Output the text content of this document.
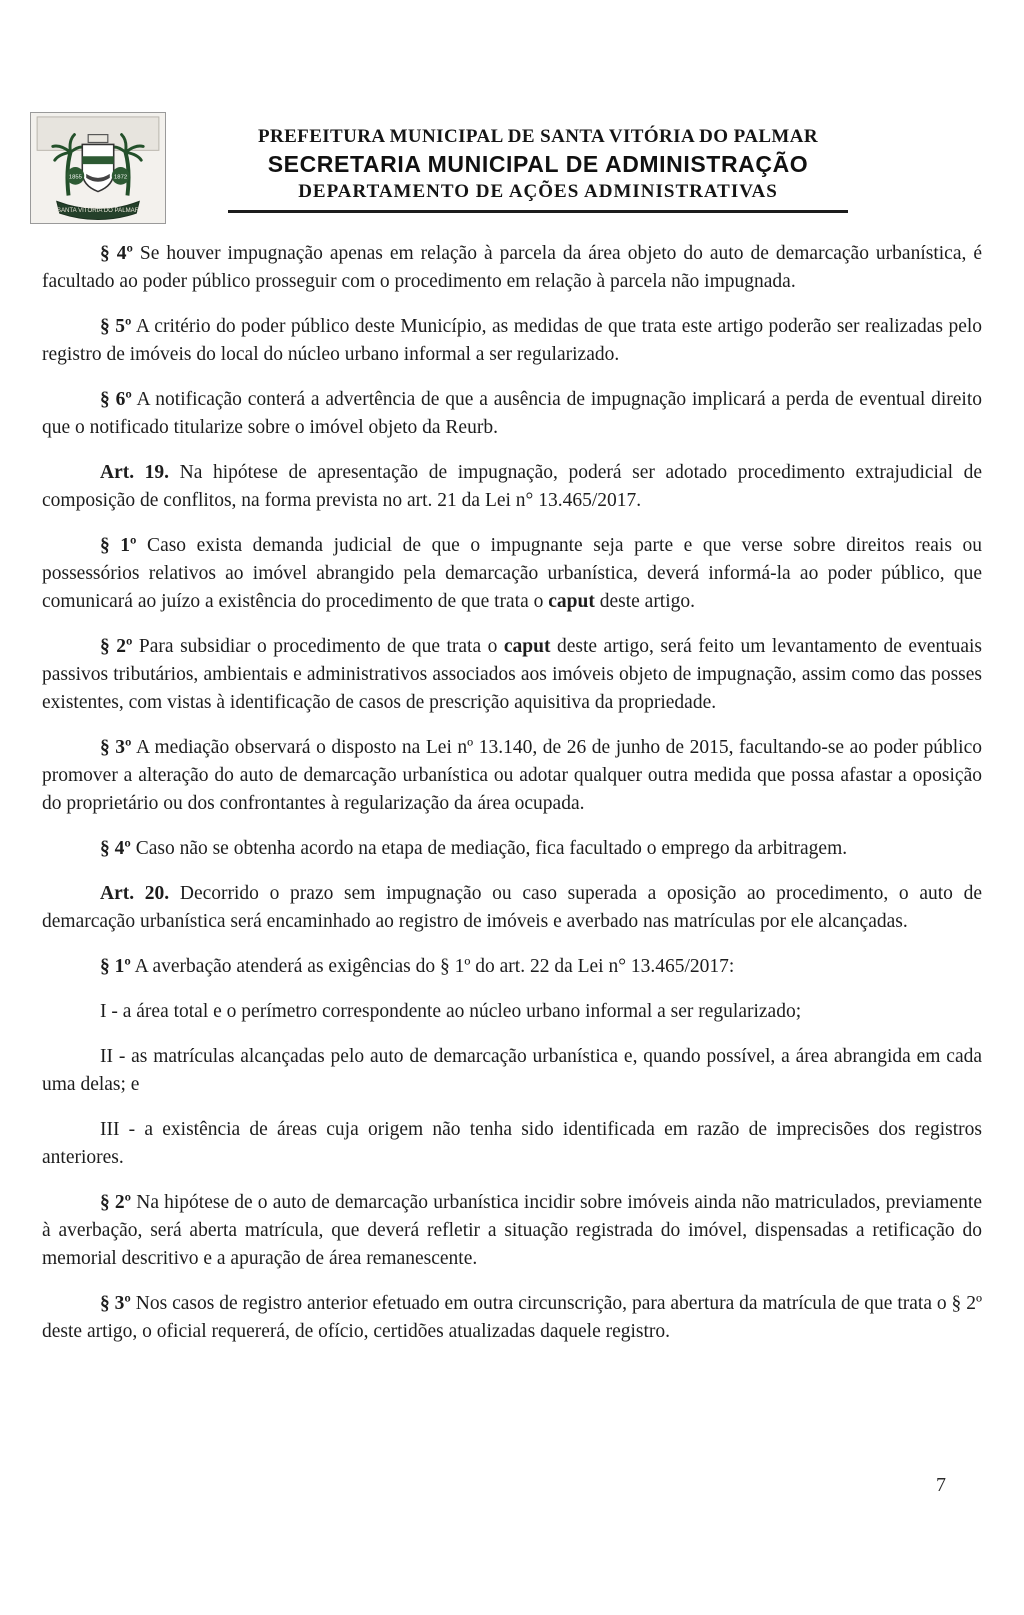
1855	1872
SANTA VITÓRIA DO PALMAR
PREFEITURA MUNICIPAL DE SANTA VITÓRIA DO PALMAR
SECRETARIA MUNICIPAL DE ADMINISTRAÇÃO
DEPARTAMENTO DE AÇÕES ADMINISTRATIVAS

§ 4º Se houver impugnação apenas em relação à parcela da área objeto do auto de demarcação urbanística, é facultado ao poder público prosseguir com o procedimento em relação à parcela não impugnada.

§ 5º A critério do poder público deste Município, as medidas de que trata este artigo poderão ser realizadas pelo registro de imóveis do local do núcleo urbano informal a ser regularizado.

§ 6º A notificação conterá a advertência de que a ausência de impugnação implicará a perda de eventual direito que o notificado titularize sobre o imóvel objeto da Reurb.

Art. 19. Na hipótese de apresentação de impugnação, poderá ser adotado procedimento extrajudicial de composição de conflitos, na forma prevista no art. 21 da Lei n° 13.465/2017.

§ 1º Caso exista demanda judicial de que o impugnante seja parte e que verse sobre direitos reais ou possessórios relativos ao imóvel abrangido pela demarcação urbanística, deverá informá-la ao poder público, que comunicará ao juízo a existência do procedimento de que trata o caput deste artigo.

§ 2º Para subsidiar o procedimento de que trata o caput deste artigo, será feito um levantamento de eventuais passivos tributários, ambientais e administrativos associados aos imóveis objeto de impugnação, assim como das posses existentes, com vistas à identificação de casos de prescrição aquisitiva da propriedade.

§ 3º A mediação observará o disposto na Lei nº 13.140, de 26 de junho de 2015, facultando-se ao poder público promover a alteração do auto de demarcação urbanística ou adotar qualquer outra medida que possa afastar a oposição do proprietário ou dos confrontantes à regularização da área ocupada.

§ 4º Caso não se obtenha acordo na etapa de mediação, fica facultado o emprego da arbitragem.

Art. 20. Decorrido o prazo sem impugnação ou caso superada a oposição ao procedimento, o auto de demarcação urbanística será encaminhado ao registro de imóveis e averbado nas matrículas por ele alcançadas.

§ 1º A averbação atenderá as exigências do § 1º do art. 22 da Lei n° 13.465/2017:

I - a área total e o perímetro correspondente ao núcleo urbano informal a ser regularizado;

II - as matrículas alcançadas pelo auto de demarcação urbanística e, quando possível, a área abrangida em cada uma delas; e

III - a existência de áreas cuja origem não tenha sido identificada em razão de imprecisões dos registros anteriores.

§ 2º Na hipótese de o auto de demarcação urbanística incidir sobre imóveis ainda não matriculados, previamente à averbação, será aberta matrícula, que deverá refletir a situação registrada do imóvel, dispensadas a retificação do memorial descritivo e a apuração de área remanescente.

§ 3º Nos casos de registro anterior efetuado em outra circunscrição, para abertura da matrícula de que trata o § 2º deste artigo, o oficial requererá, de ofício, certidões atualizadas daquele registro.

7
